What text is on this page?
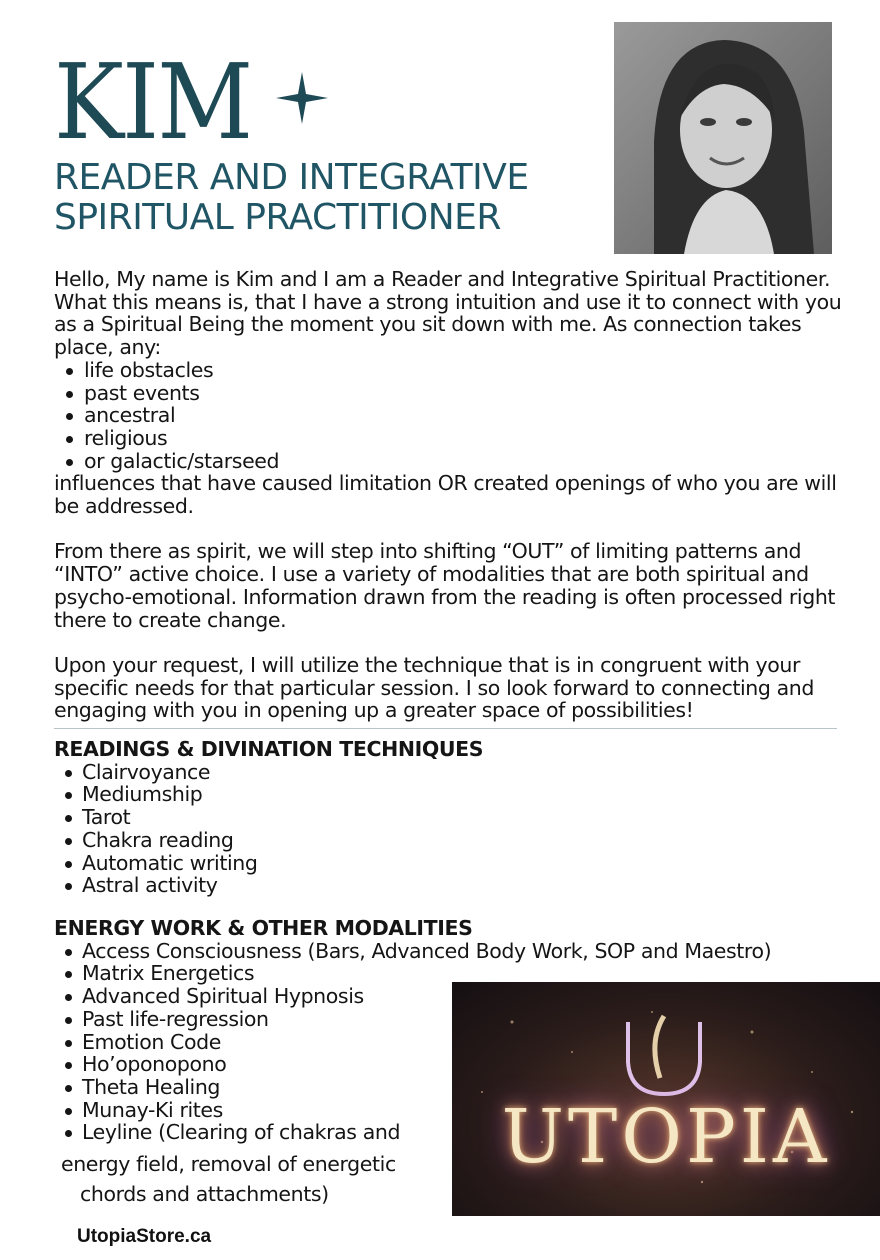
KIM
READER AND INTEGRATIVE
SPIRITUAL PRACTITIONER

Hello, My name is Kim and I am a Reader and Integrative Spiritual Practitioner. What this means is, that I have a strong intuition and use it to connect with you as a Spiritual Being the moment you sit down with me. As connection takes place, any:

life obstacles
past events
ancestral
religious
or galactic/starseed

influences that have caused limitation OR created openings of who you are will be addressed.

From there as spirit, we will step into shifting “OUT” of limiting patterns and “INTO” active choice. I use a variety of modalities that are both spiritual and psycho-emotional. Information drawn from the reading is often processed right there to create change.

Upon your request, I will utilize the technique that is in congruent with your specific needs for that particular session. I so look forward to connecting and engaging with you in opening up a greater space of possibilities!

READINGS & DIVINATION TECHNIQUES
Clairvoyance
Mediumship
Tarot
Chakra reading
Automatic writing
Astral activity
ENERGY WORK & OTHER MODALITIES
Access Consciousness (Bars, Advanced Body Work, SOP and Maestro)
Matrix Energetics
Advanced Spiritual Hypnosis
Past life-regression
Emotion Code
Ho’oponopono
Theta Healing
Munay-Ki rites
Leyline (Clearing of chakras and
energy field, removal of energetic
chords and attachments)
UTOPIA
UtopiaStore.ca
